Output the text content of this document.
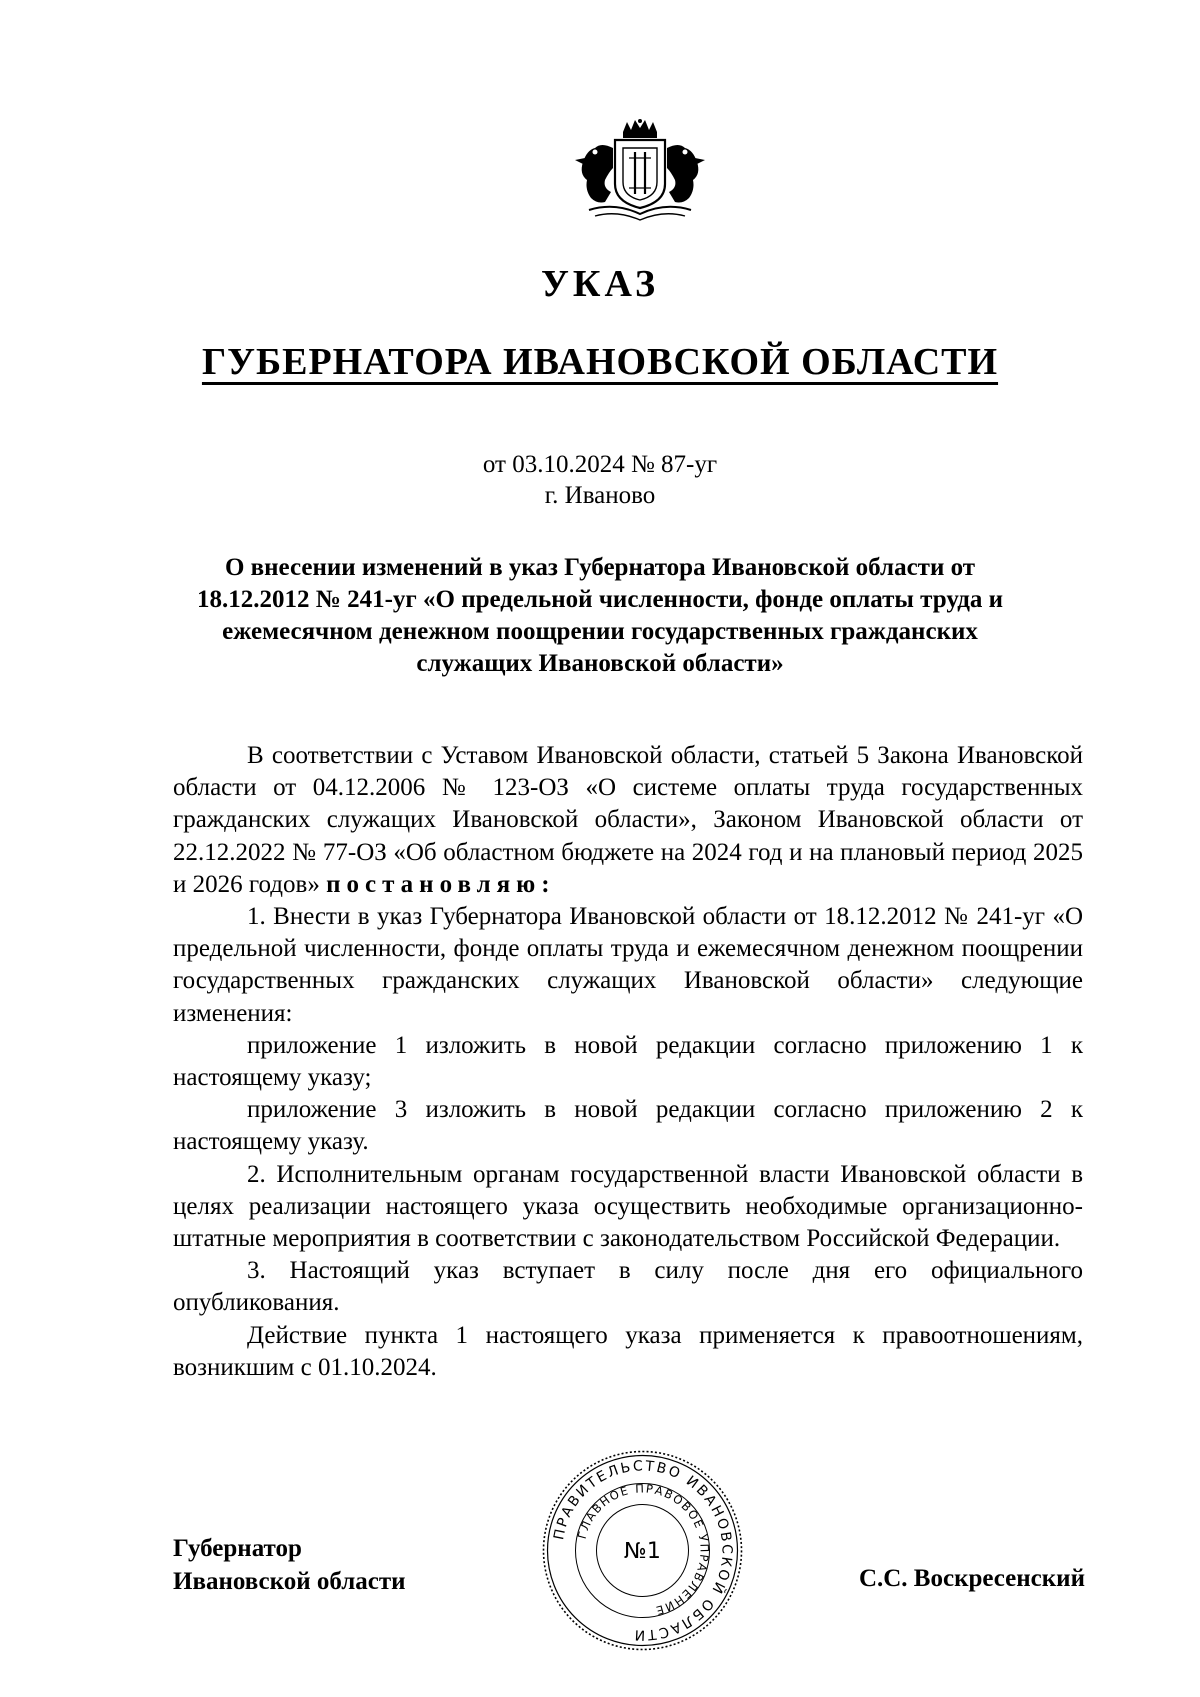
УКАЗ
ГУБЕРНАТОРА ИВАНОВСКОЙ ОБЛАСТИ
от 03.10.2024 № 87-уг
г. Иваново

О внесении изменений в указ Губернатора Ивановской области от 18.12.2012 № 241-уг «О предельной численности, фонде оплаты труда и ежемесячном денежном поощрении государственных гражданских служащих Ивановской области»

В соответствии с Уставом Ивановской области, статьей 5 Закона Ивановской области от 04.12.2006 № 123-ОЗ «О системе оплаты труда государственных гражданских служащих Ивановской области», Законом Ивановской области от 22.12.2022 № 77-ОЗ «Об областном бюджете на 2024 год и на плановый период 2025 и 2026 годов» постановляю:

1. Внести в указ Губернатора Ивановской области от 18.12.2012 № 241-уг «О предельной численности, фонде оплаты труда и ежемесячном денежном поощрении государственных гражданских служащих Ивановской области» следующие изменения:

приложение 1 изложить в новой редакции согласно приложению 1 к настоящему указу;

приложение 3 изложить в новой редакции согласно приложению 2 к настоящему указу.

2. Исполнительным органам государственной власти Ивановской области в целях реализации настоящего указа осуществить необходимые организационно-штатные мероприятия в соответствии с законодательством Российской Федерации.

3. Настоящий указ вступает в силу после дня его официального опубликования.

Действие пункта 1 настоящего указа применяется к правоотношениям, возникшим с 01.10.2024.

Губернатор
Ивановской области
ПРАВИТЕЛЬСТВО ИВАНОВСКОЙ ОБЛАСТИ
ГЛАВНОЕ ПРАВОВОЕ УПРАВЛЕНИЕ
№1
С.С. Воскресенский
